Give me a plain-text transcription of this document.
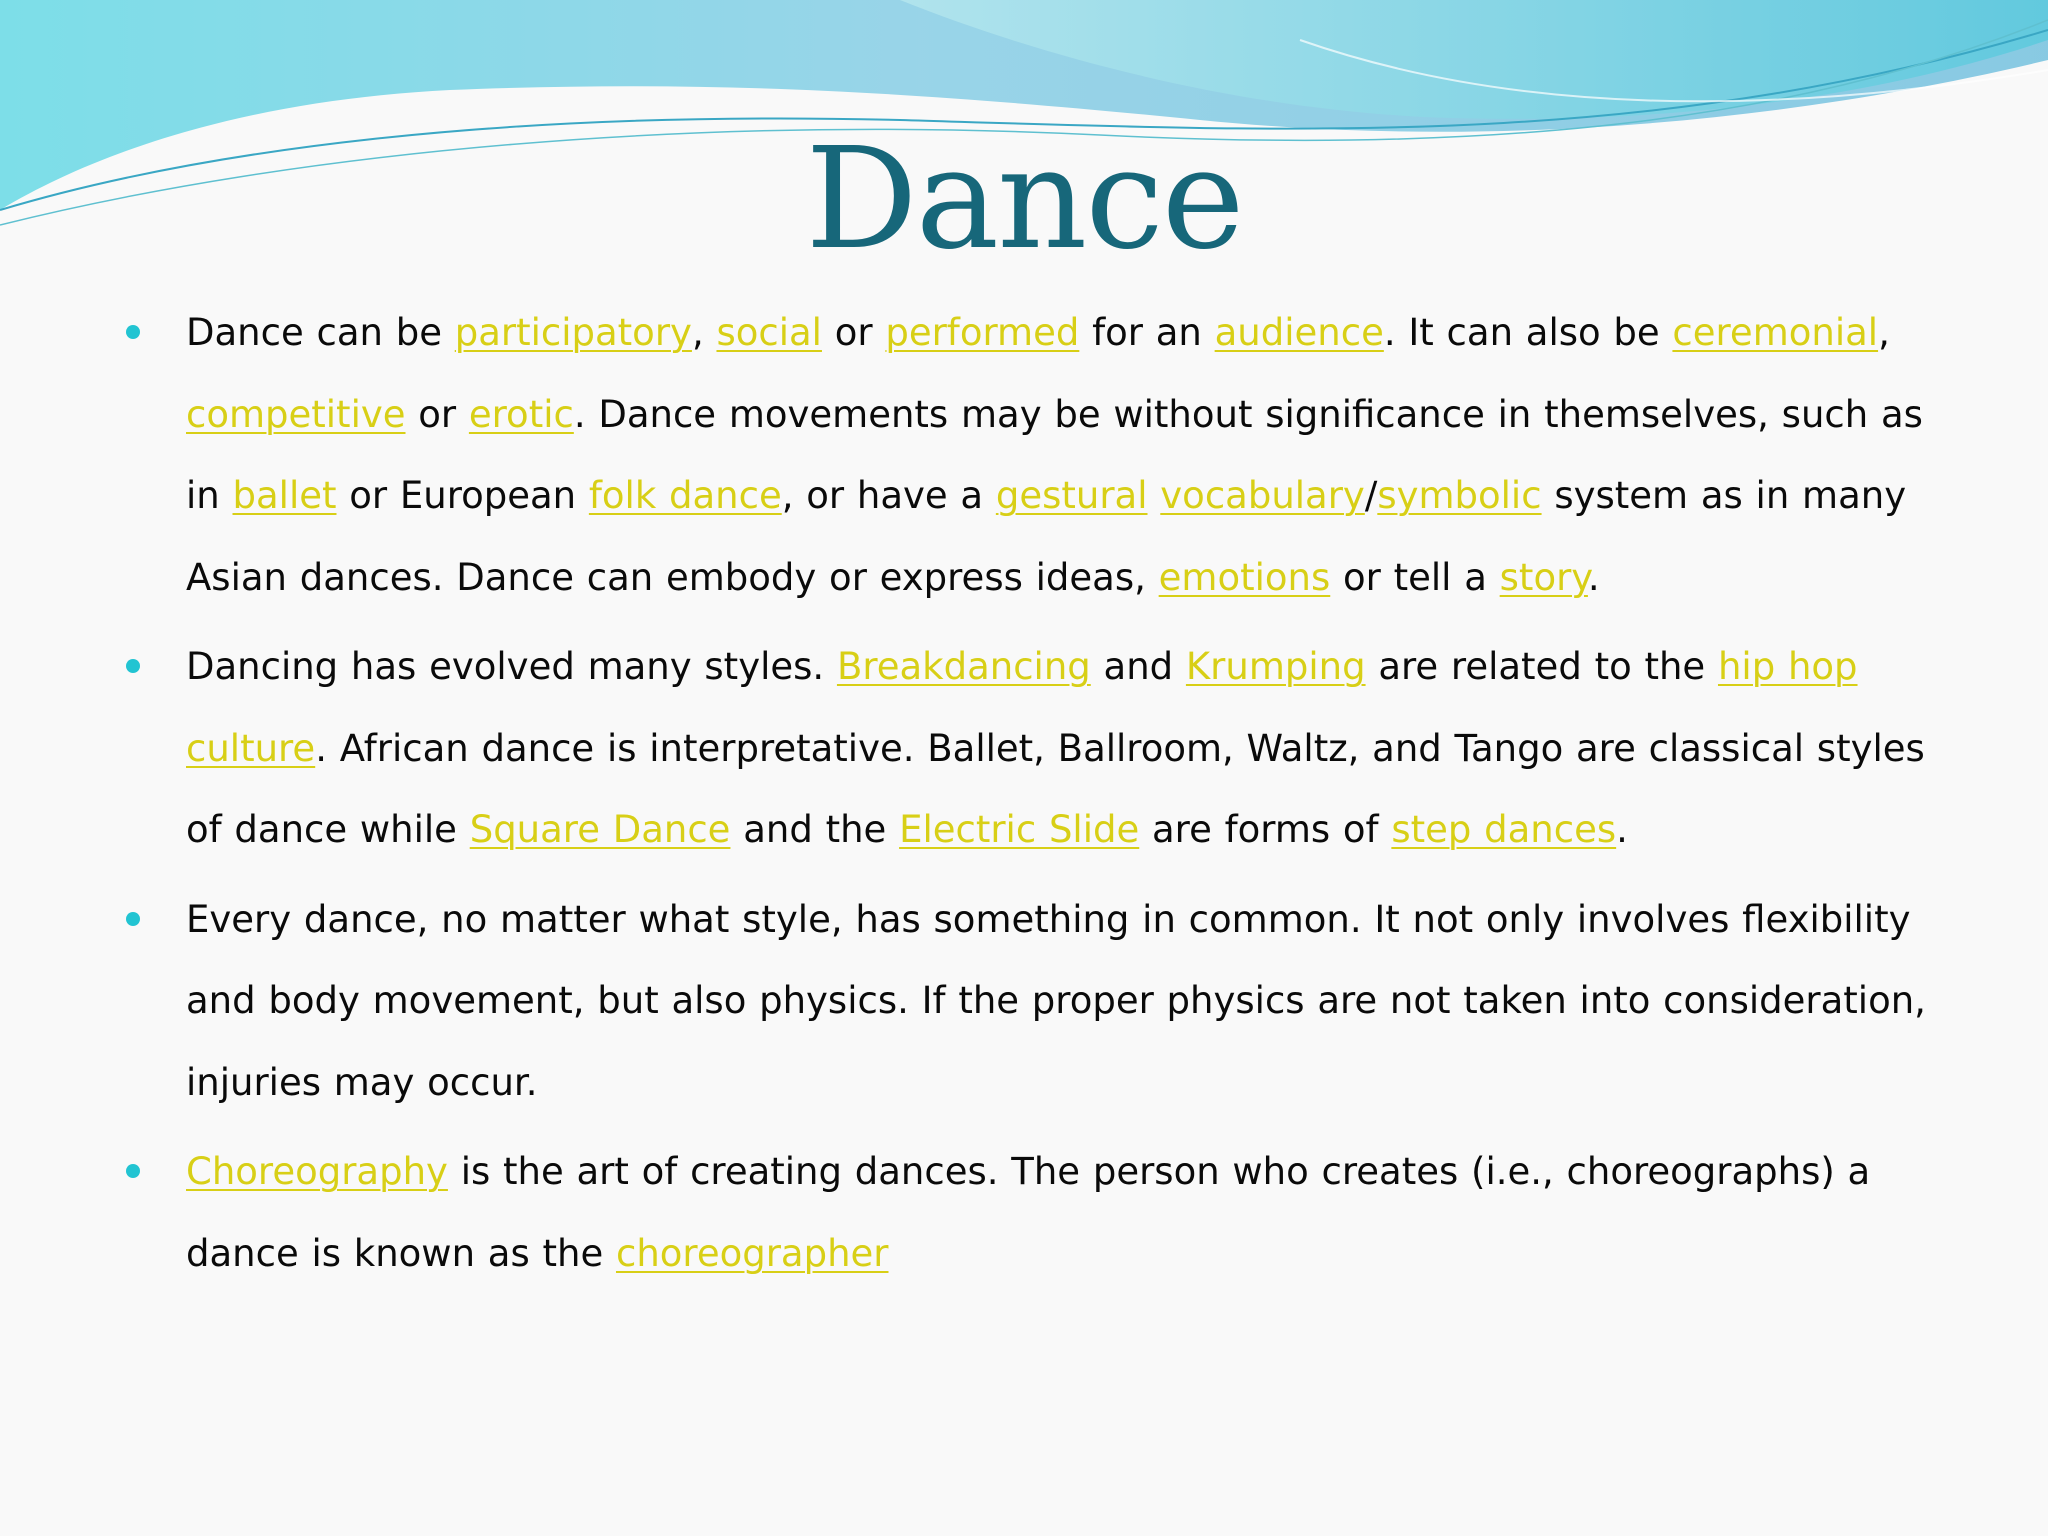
Dance
Dance can be participatory, social or performed for an audience. It can also be ceremonial, competitive or erotic. Dance movements may be without significance in themselves, such as in ballet or European folk dance, or have a gestural vocabulary/symbolic system as in many Asian dances. Dance can embody or express ideas, emotions or tell a story.
Dancing has evolved many styles. Breakdancing and Krumping are related to the hip hop culture. African dance is interpretative. Ballet, Ballroom, Waltz, and Tango are classical styles of dance while Square Dance and the Electric Slide are forms of step dances.
Every dance, no matter what style, has something in common. It not only involves flexibility and body movement, but also physics. If the proper physics are not taken into consideration, injuries may occur.
Choreography is the art of creating dances. The person who creates (i.e., choreographs) a dance is known as the choreographer
